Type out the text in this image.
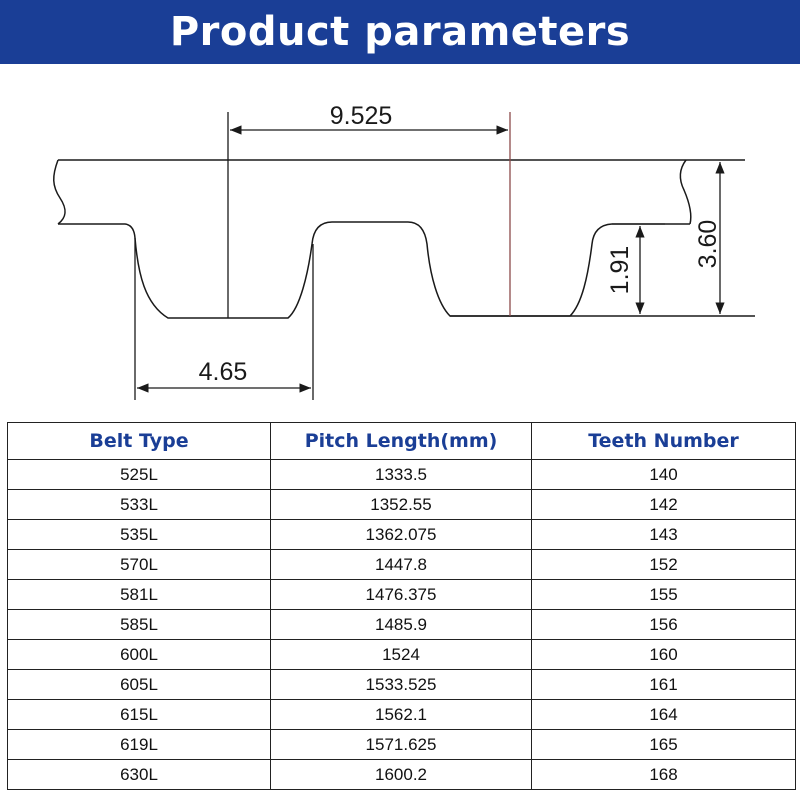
Product parameters
9.525
4.65
1.91
3.60
Belt Type	Pitch Length(mm)	Teeth Number
525L	1333.5	140
533L	1352.55	142
535L	1362.075	143
570L	1447.8	152
581L	1476.375	155
585L	1485.9	156
600L	1524	160
605L	1533.525	161
615L	1562.1	164
619L	1571.625	165
630L	1600.2	168
